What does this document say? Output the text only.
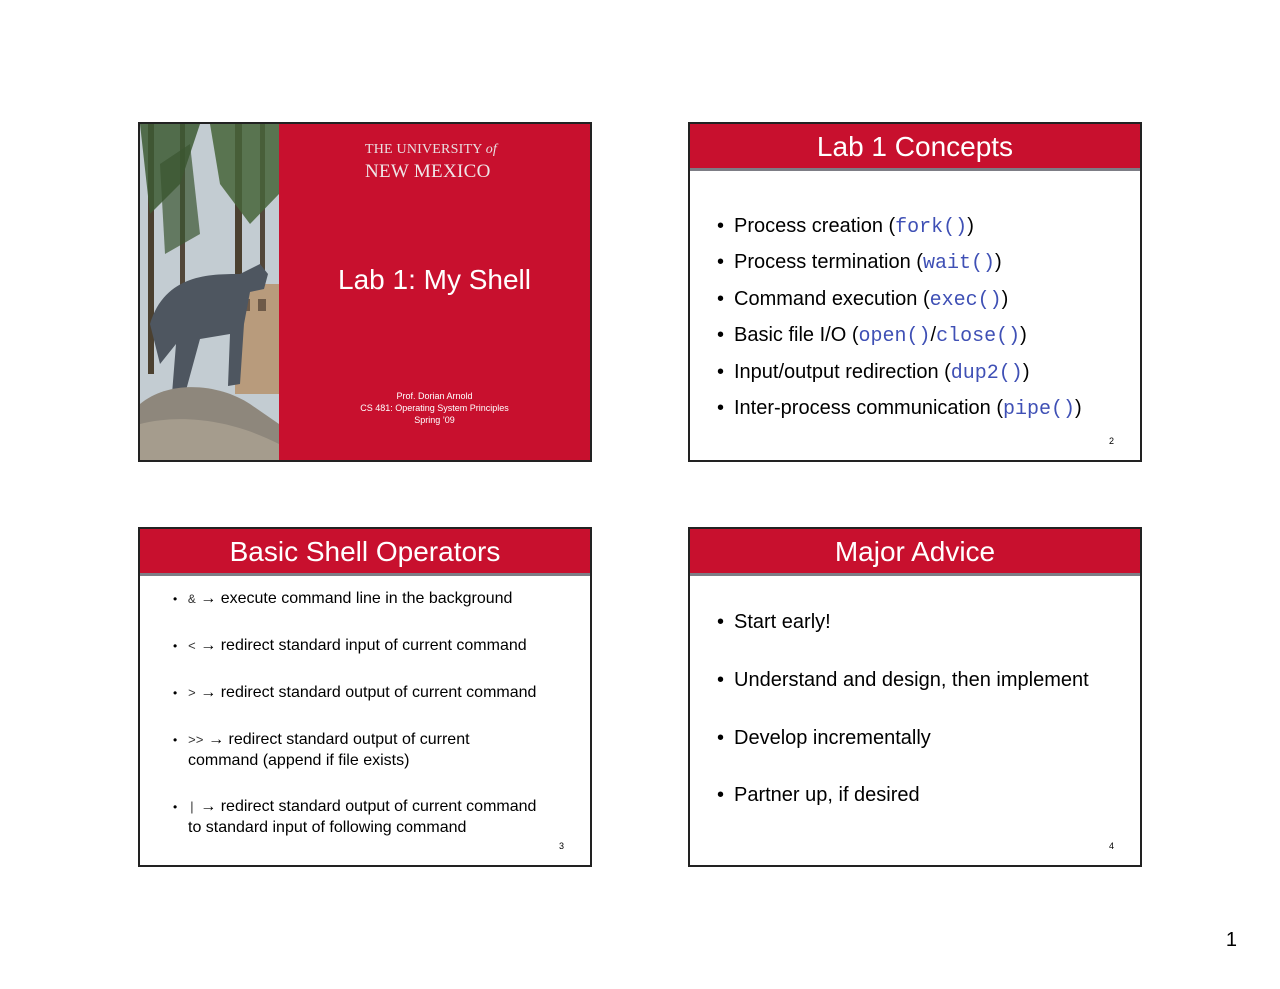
THE UNIVERSITY of
NEW MEXICO
Lab 1: My Shell
Prof. Dorian Arnold
CS 481: Operating System Principles
Spring ’09
Lab 1 Concepts
• Process creation (fork())
• Process termination (wait())
• Command execution (exec())
• Basic file I/O (open()/close())
• Input/output redirection (dup2())
• Inter-process communication (pipe())
2
Basic Shell Operators
• & → execute command line in the background
• < → redirect standard input of current command
• > → redirect standard output of current command
• >> → redirect standard output of current
command (append if file exists)
• | → redirect standard output of current command
to standard input of following command
3
Major Advice
• Start early!
• Understand and design, then implement
• Develop incrementally
• Partner up, if desired
4
1
